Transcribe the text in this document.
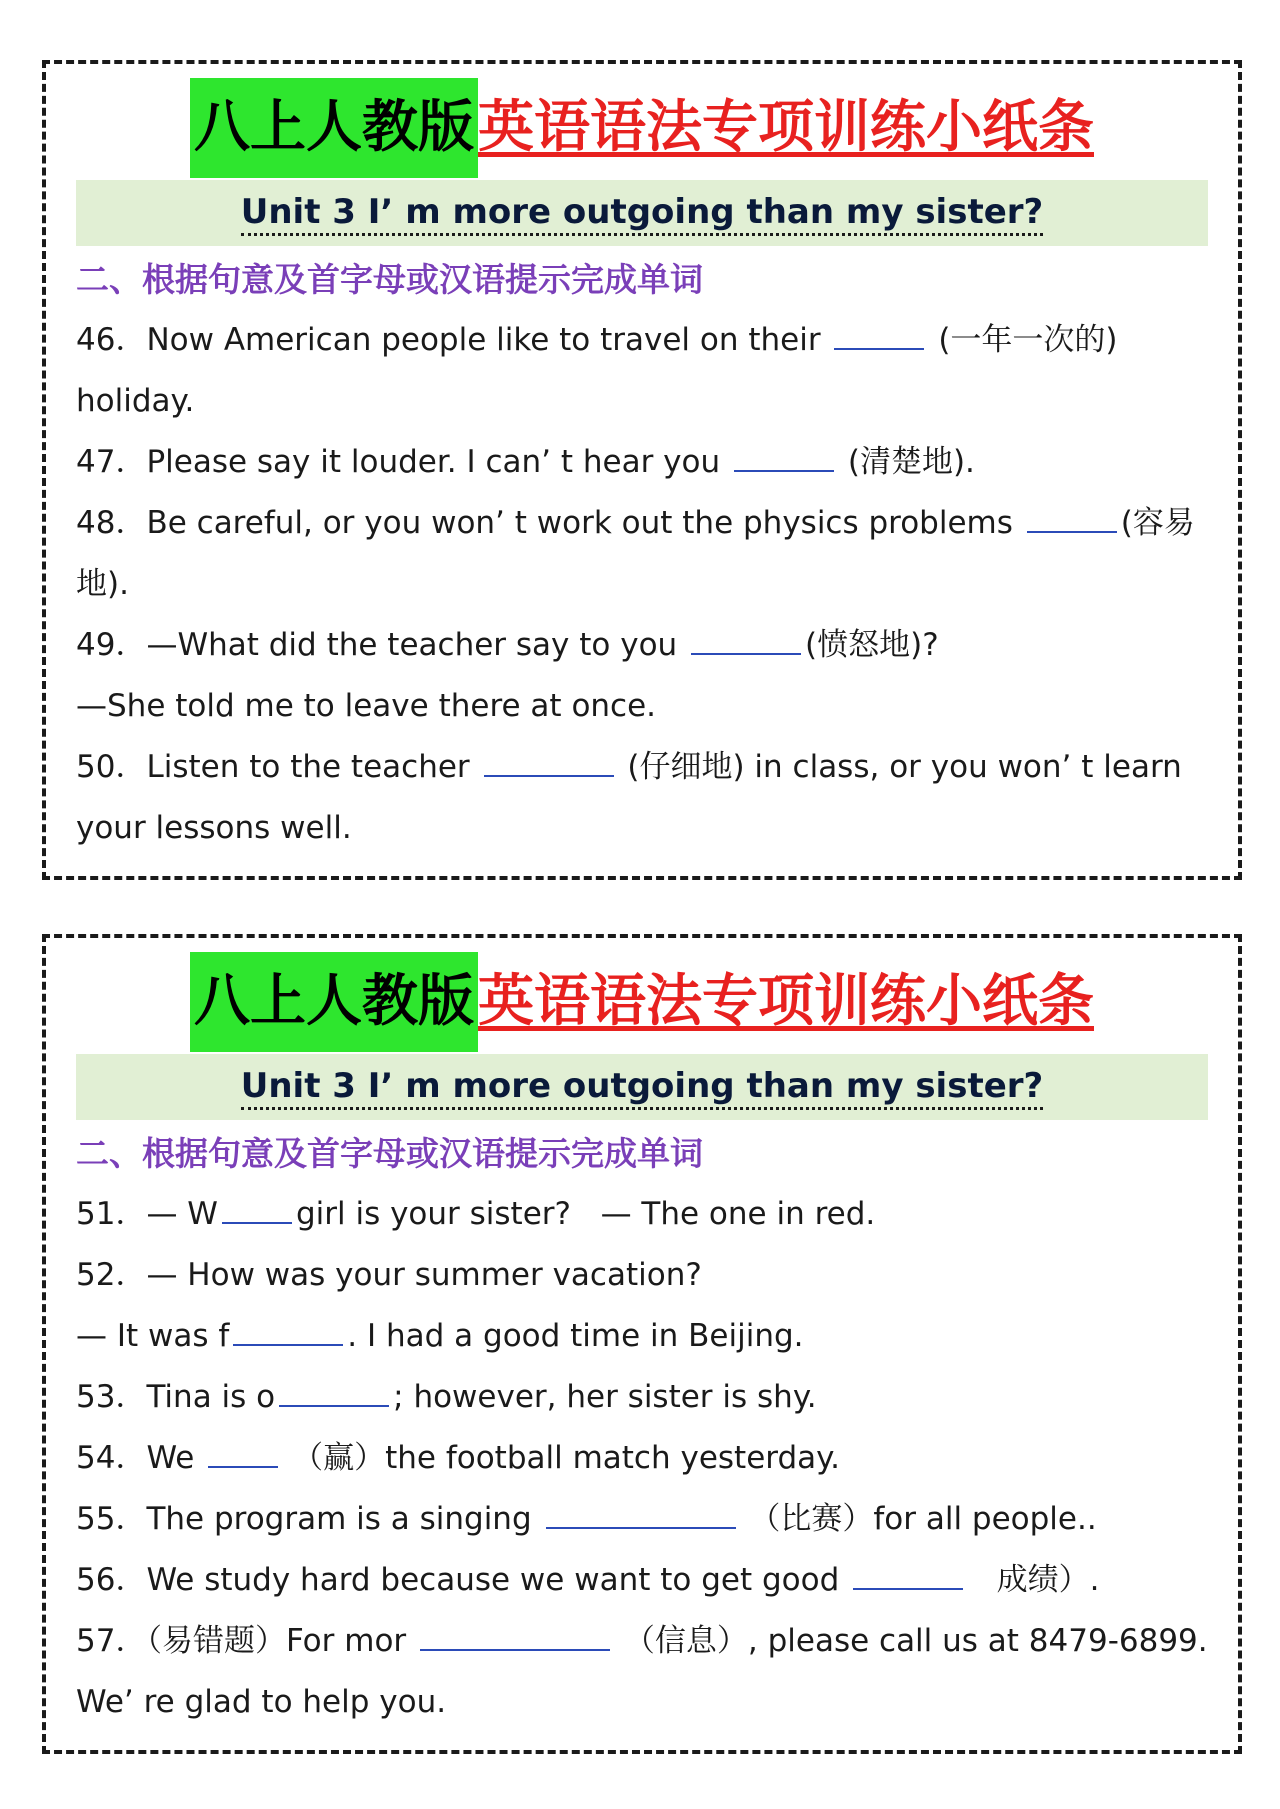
八上人教版 英语语法专项训练小纸条
Unit 3 I’ m more outgoing than my sister?
二、根据句意及首字母或汉语提示完成单词
46．Now American people like to travel on their	(一年一次的)
holiday.
47．Please say it louder. I can’ t hear you	(清楚地).
48．Be careful, or you won’ t work out the physics problems	(容易
地).
49．—What did the teacher say to you	(愤怒地)?
—She told me to leave there at once.
50．Listen to the teacher	(仔细地) in class, or you won’ t learn
your lessons well.
八上人教版 英语语法专项训练小纸条
Unit 3 I’ m more outgoing than my sister?
二、根据句意及首字母或汉语提示完成单词
51．— W	girl is your sister? — The one in red.
52．— How was your summer vacation?
— It was f	. I had a good time in Beijing.
53．Tina is o	; however, her sister is shy.
54．We	（赢）the football match yesterday.
55．The program is a singing	（比赛）for all people..
56．We study hard because we want to get good	成绩）.
57．（易错题）For mor	（信息）, please call us at 8479-6899.
We’ re glad to help you.
